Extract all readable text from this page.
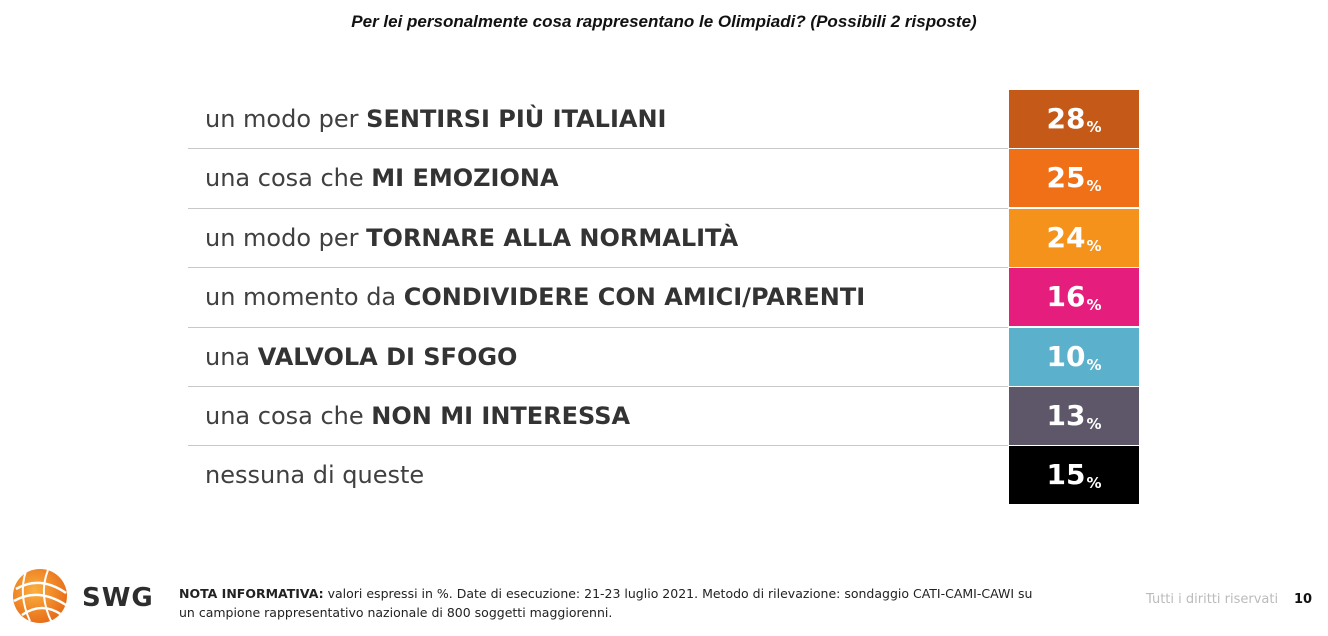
Per lei personalmente cosa rappresentano le Olimpiadi? (Possibili 2 risposte)
un modo per SENTIRSI PIÙ ITALIANI	28%
una cosa che MI EMOZIONA	25%
un modo per TORNARE ALLA NORMALITÀ	24%
un momento da CONDIVIDERE CON AMICI/PARENTI	16%
una VALVOLA DI SFOGO	10%
una cosa che NON MI INTERESSA	13%
nessuna di queste	15%
SWG NOTA INFORMATIVA: valori espressi in %. Date di esecuzione: 21-23 luglio 2021. Metodo di rilevazione: sondaggio CATI-CAMI-CAWI su un campione rappresentativo nazionale di 800 soggetti maggiorenni.
Tutti i diritti riservati 10
